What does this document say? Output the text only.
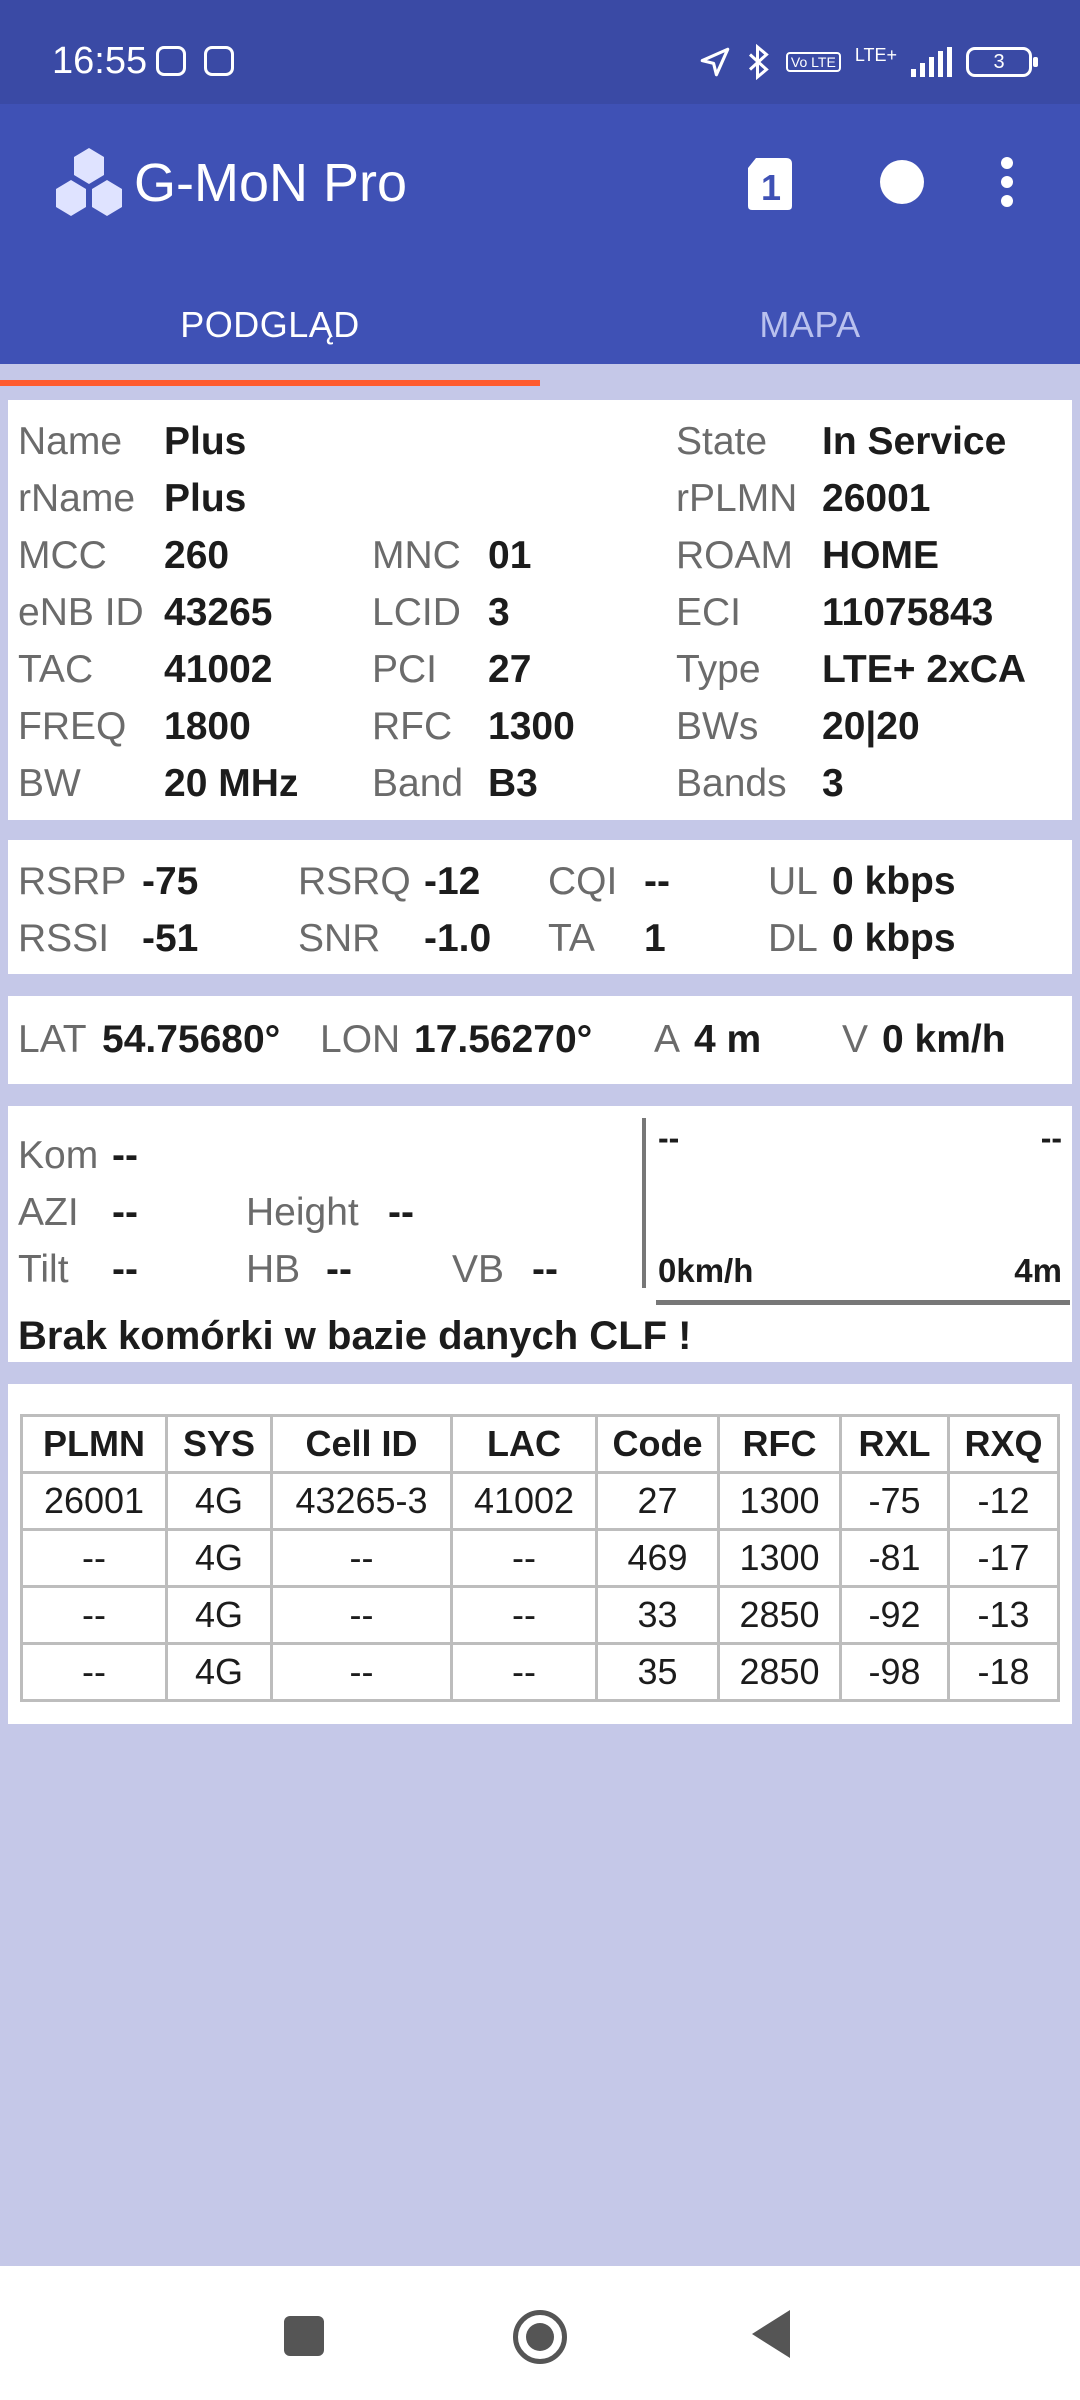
16:55	Vo LTE LTE+	3
G-MoN Pro	1
PODGLĄD	MAPA
Name Plus	State In Service
rName Plus	rPLMN 26001
MCC 260	MNC 01	ROAM HOME
eNB ID 43265	LCID 3	ECI 11075843
TAC 41002	PCI 27	Type LTE+ 2xCA
FREQ 1800	RFC 1300	BWs 20|20
BW 20 MHz Band B3	Bands 3
RSRP -75	RSRQ -12 CQI --	UL 0 kbps
RSSI -51	SNR -1.0 TA 1	DL 0 kbps
LAT 54.75680° LON 17.56270° A 4 m V 0 km/h
Kom --
AZI --	Height --
Tilt --	HB --	VB --
--	--
0km/h	4m
Brak komórki w bazie danych CLF !
PLMN	SYS	Cell ID	LAC	Code	RFC	RXL	RXQ
26001	4G	43265-3	41002	27	1300	-75	-12
--	4G	--	--	469	1300	-81	-17
--	4G	--	--	33	2850	-92	-13
--	4G	--	--	35	2850	-98	-18
